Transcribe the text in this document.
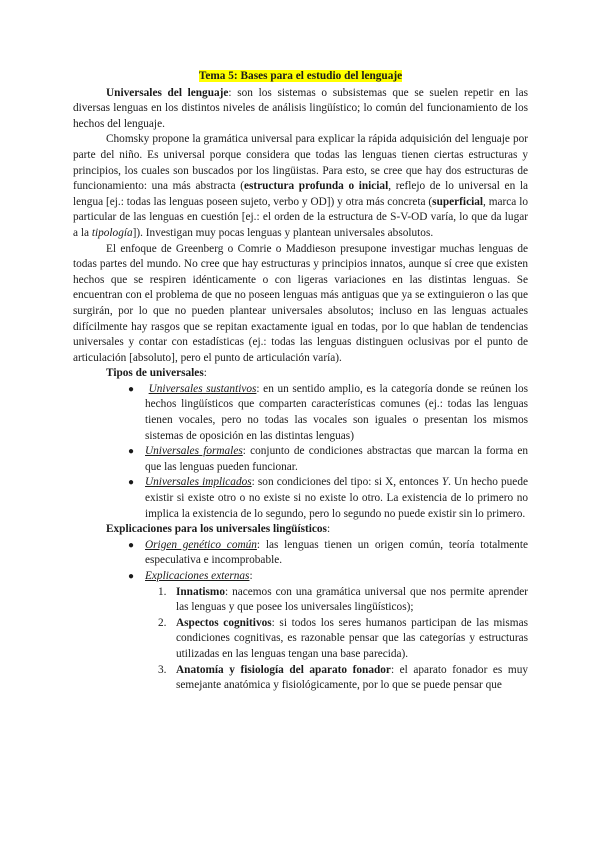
Tema 5: Bases para el estudio del lenguaje

Universales del lenguaje: son los sistemas o subsistemas que se suelen repetir en las diversas lenguas en los distintos niveles de análisis lingüístico; lo común del funcionamiento de los hechos del lenguaje.

Chomsky propone la gramática universal para explicar la rápida adquisición del lenguaje por parte del niño. Es universal porque considera que todas las lenguas tienen ciertas estructuras y principios, los cuales son buscados por los lingüistas. Para esto, se cree que hay dos estructuras de funcionamiento: una más abstracta (estructura profunda o inicial, reflejo de lo universal en la lengua [ej.: todas las lenguas poseen sujeto, verbo y OD]) y otra más concreta (superficial, marca lo particular de las lenguas en cuestión [ej.: el orden de la estructura de S-V-OD varía, lo que da lugar a la tipología]). Investigan muy pocas lenguas y plantean universales absolutos.

El enfoque de Greenberg o Comrie o Maddieson presupone investigar muchas lenguas de todas partes del mundo. No cree que hay estructuras y principios innatos, aunque sí cree que existen hechos que se respiren idénticamente o con ligeras variaciones en las distintas lenguas. Se encuentran con el problema de que no poseen lenguas más antiguas que ya se extinguieron o las que surgirán, por lo que no pueden plantear universales absolutos; incluso en las lenguas actuales difícilmente hay rasgos que se repitan exactamente igual en todas, por lo que hablan de tendencias universales y contar con estadísticas (ej.: todas las lenguas distinguen oclusivas por el punto de articulación [absoluto], pero el punto de articulación varía).

Tipos de universales:
● Universales sustantivos: en un sentido amplio, es la categoría donde se reúnen los hechos lingüísticos que comparten características comunes (ej.: todas las lenguas tienen vocales, pero no todas las vocales son iguales o presentan los mismos sistemas de oposición en las distintas lenguas)
● Universales formales: conjunto de condiciones abstractas que marcan la forma en que las lenguas pueden funcionar.
● Universales implicados: son condiciones del tipo: si X, entonces Y. Un hecho puede existir si existe otro o no existe si no existe lo otro. La existencia de lo primero no implica la existencia de lo segundo, pero lo segundo no puede existir sin lo primero.
Explicaciones para los universales lingüísticos:
● Origen genético común: las lenguas tienen un origen común, teoría totalmente especulativa e incomprobable.
● Explicaciones externas:
1. Innatismo: nacemos con una gramática universal que nos permite aprender las lenguas y que posee los universales lingüísticos);
2. Aspectos cognitivos: si todos los seres humanos participan de las mismas condiciones cognitivas, es razonable pensar que las categorías y estructuras utilizadas en las lenguas tengan una base parecida).
3. Anatomía y fisiología del aparato fonador: el aparato fonador es muy semejante anatómica y fisiológicamente, por lo que se puede pensar que
